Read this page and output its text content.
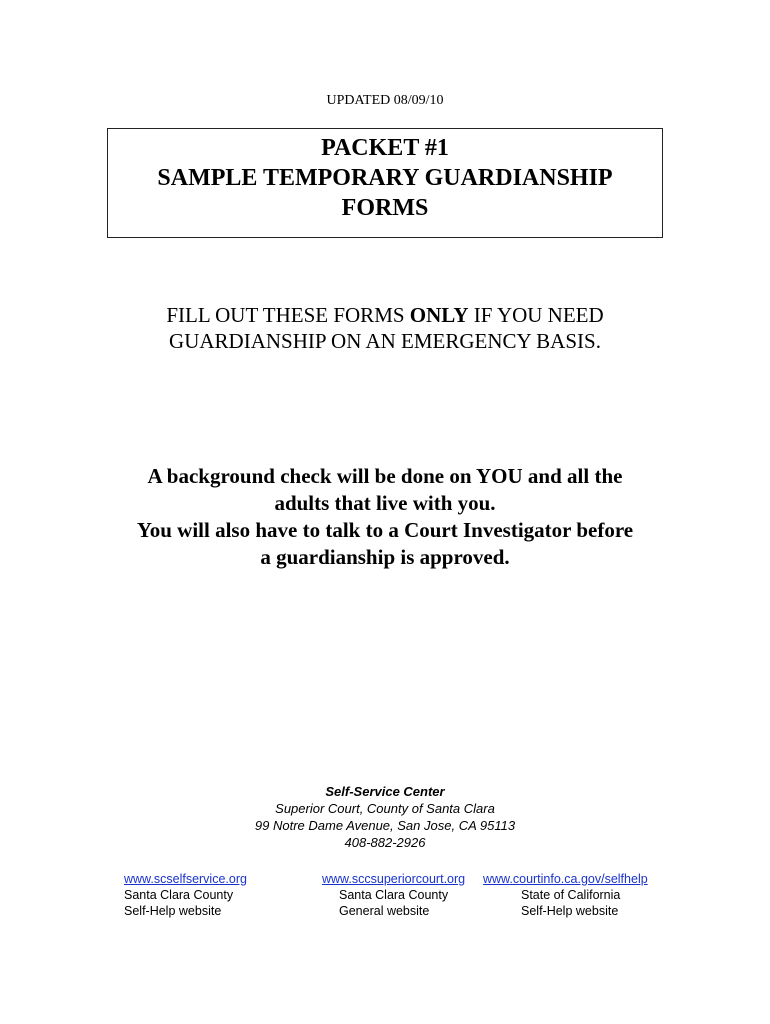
UPDATED 08/09/10
PACKET #1
SAMPLE TEMPORARY GUARDIANSHIP
FORMS
FILL OUT THESE FORMS ONLY IF YOU NEED
GUARDIANSHIP ON AN EMERGENCY BASIS.
A background check will be done on YOU and all the
adults that live with you.
You will also have to talk to a Court Investigator before
a guardianship is approved.
Self-Service Center
Superior Court, County of Santa Clara
99 Notre Dame Avenue, San Jose, CA 95113
408-882-2926
www.scselfservice.org
Santa Clara County
Self-Help website
www.sccsuperiorcourt.org
Santa Clara County
General website
www.courtinfo.ca.gov/selfhelp
State of California
Self-Help website
